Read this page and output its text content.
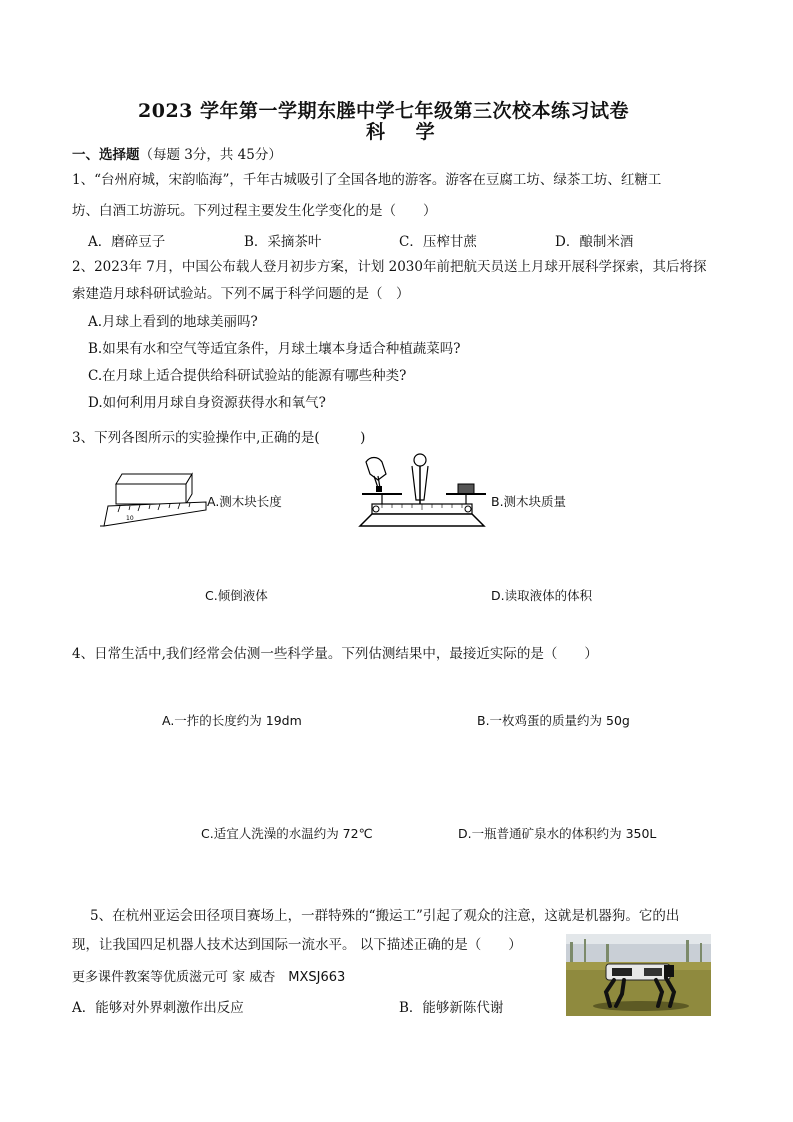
2023 学年第一学期东塍中学七年级第三次校本练习试卷
科 学
一、选择题（每题 3分，共 45分）
1、“台州府城，宋韵临海”，千年古城吸引了全国各地的游客。游客在豆腐工坊、绿茶工坊、红糖工
坊、白酒工坊游玩。下列过程主要发生化学变化的是（　　）
A．磨碎豆子	B．采摘茶叶	C．压榨甘蔗	D．酿制米酒
2、2023年 7月，中国公布载人登月初步方案，计划 2030年前把航天员送上月球开展科学探索，其后将探
索建造月球科研试验站。下列不属于科学问题的是（　）
A.月球上看到的地球美丽吗?
B.如果有水和空气等适宜条件，月球土壤本身适合种植蔬菜吗?
C.在月球上适合提供给科研试验站的能源有哪些种类?
D.如何利用月球自身资源获得水和氧气?
3、下列各图所示的实验操作中,正确的是(　　　)
10
A.测木块长度	B.测木块质量
C.倾倒液体	D.读取液体的体积
4、日常生活中,我们经常会估测一些科学量。下列估测结果中，最接近实际的是（　　）
A.一拃的长度约为 19dm	B.一枚鸡蛋的质量约为 50g
C.适宜人洗澡的水温约为 72℃	D.一瓶普通矿泉水的体积约为 350L
5、在杭州亚运会田径项目赛场上，一群特殊的“搬运工”引起了观众的注意，这就是机器狗。它的出
现，让我国四足机器人技术达到国际一流水平。 以下描述正确的是（　　）
更多课件教案等优质滋元可 家 威杏　MXSJ663
A．能够对外界刺激作出反应	B．能够新陈代谢
